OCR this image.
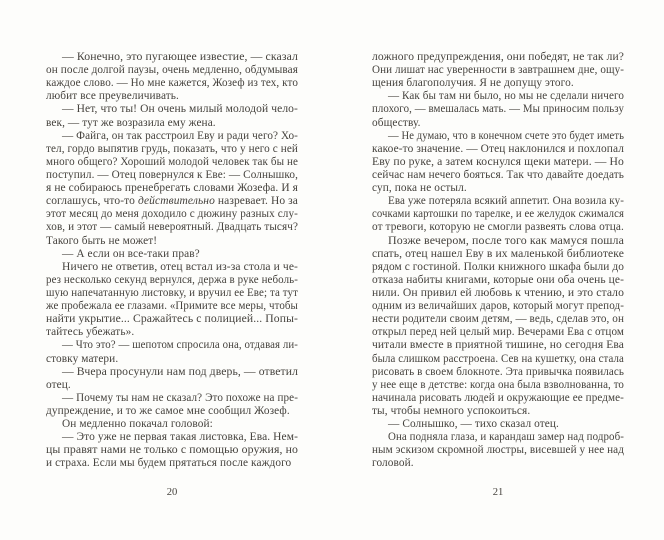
— Конечно, это пугающее известие, — сказал
он после долгой паузы, очень медленно, обдумывая
каждое слово. — Но мне кажется, Жозеф из тех, кто
любит все преувеличивать.
— Нет, что ты! Он очень милый молодой чело-
век, — тут же возразила ему жена.
— Файга, он так расстроил Еву и ради чего? Хо-
тел, гордо выпятив грудь, показать, что у него с ней
много общего? Хороший молодой человек так бы не
поступил. — Отец повернулся к Еве: — Солнышко,
я не собираюсь пренебрегать словами Жозефа. И я
соглашусь, что-то действительно назревает. Но за
этот месяц до меня доходило с дюжину разных слу-
хов, и этот — самый невероятный. Двадцать тысяч?
Такого быть не может!
— А если он все-таки прав?
Ничего не ответив, отец встал из-за стола и че-
рез несколько секунд вернулся, держа в руке неболь-
шую напечатанную листовку, и вручил ее Еве; та тут
же пробежала ее глазами. «Примите все меры, чтобы
найти укрытие... Сражайтесь с полицией... Попы-
тайтесь убежать».
— Что это? — шепотом спросила она, отдавая ли-
стовку матери.
— Вчера просунули нам под дверь, — ответил
отец.
— Почему ты нам не сказал? Это похоже на пре-
дупреждение, и то же самое мне сообщил Жозеф.
Он медленно покачал головой:
— Это уже не первая такая листовка, Ева. Нем-
цы правят нами не только с помощью оружия, но
и страха. Если мы будем прятаться после каждого
20
ложного предупреждения, они победят, не так ли?
Они лишат нас уверенности в завтрашнем дне, ощу-
щения благополучия. Я не допущу этого.
— Как бы там ни было, но мы не сделали ничего
плохого, — вмешалась мать. — Мы приносим пользу
обществу.
— Не думаю, что в конечном счете это будет иметь
какое-то значение. — Отец наклонился и похлопал
Еву по руке, а затем коснулся щеки матери. — Но
сейчас нам нечего бояться. Так что давайте доедать
суп, пока не остыл.
Ева уже потеряла всякий аппетит. Она возила ку-
сочками картошки по тарелке, и ее желудок сжимался
от тревоги, которую не смогли развеять слова отца.
Позже вечером, после того как мамуся пошла
спать, отец нашел Еву в их маленькой библиотеке
рядом с гостиной. Полки книжного шкафа были до
отказа набиты книгами, которые они оба очень це-
нили. Он привил ей любовь к чтению, и это стало
одним из величайших даров, который могут препод-
нести родители своим детям, — ведь, сделав это, он
открыл перед ней целый мир. Вечерами Ева с отцом
читали вместе в приятной тишине, но сегодня Ева
была слишком расстроена. Сев на кушетку, она стала
рисовать в своем блокноте. Эта привычка появилась
у нее еще в детстве: когда она была взволнованна, то
начинала рисовать людей и окружающие ее предме-
ты, чтобы немного успокоиться.
— Солнышко, — тихо сказал отец.
Она подняла глаза, и карандаш замер над подроб-
ным эскизом скромной люстры, висевшей у нее над
головой.
21
